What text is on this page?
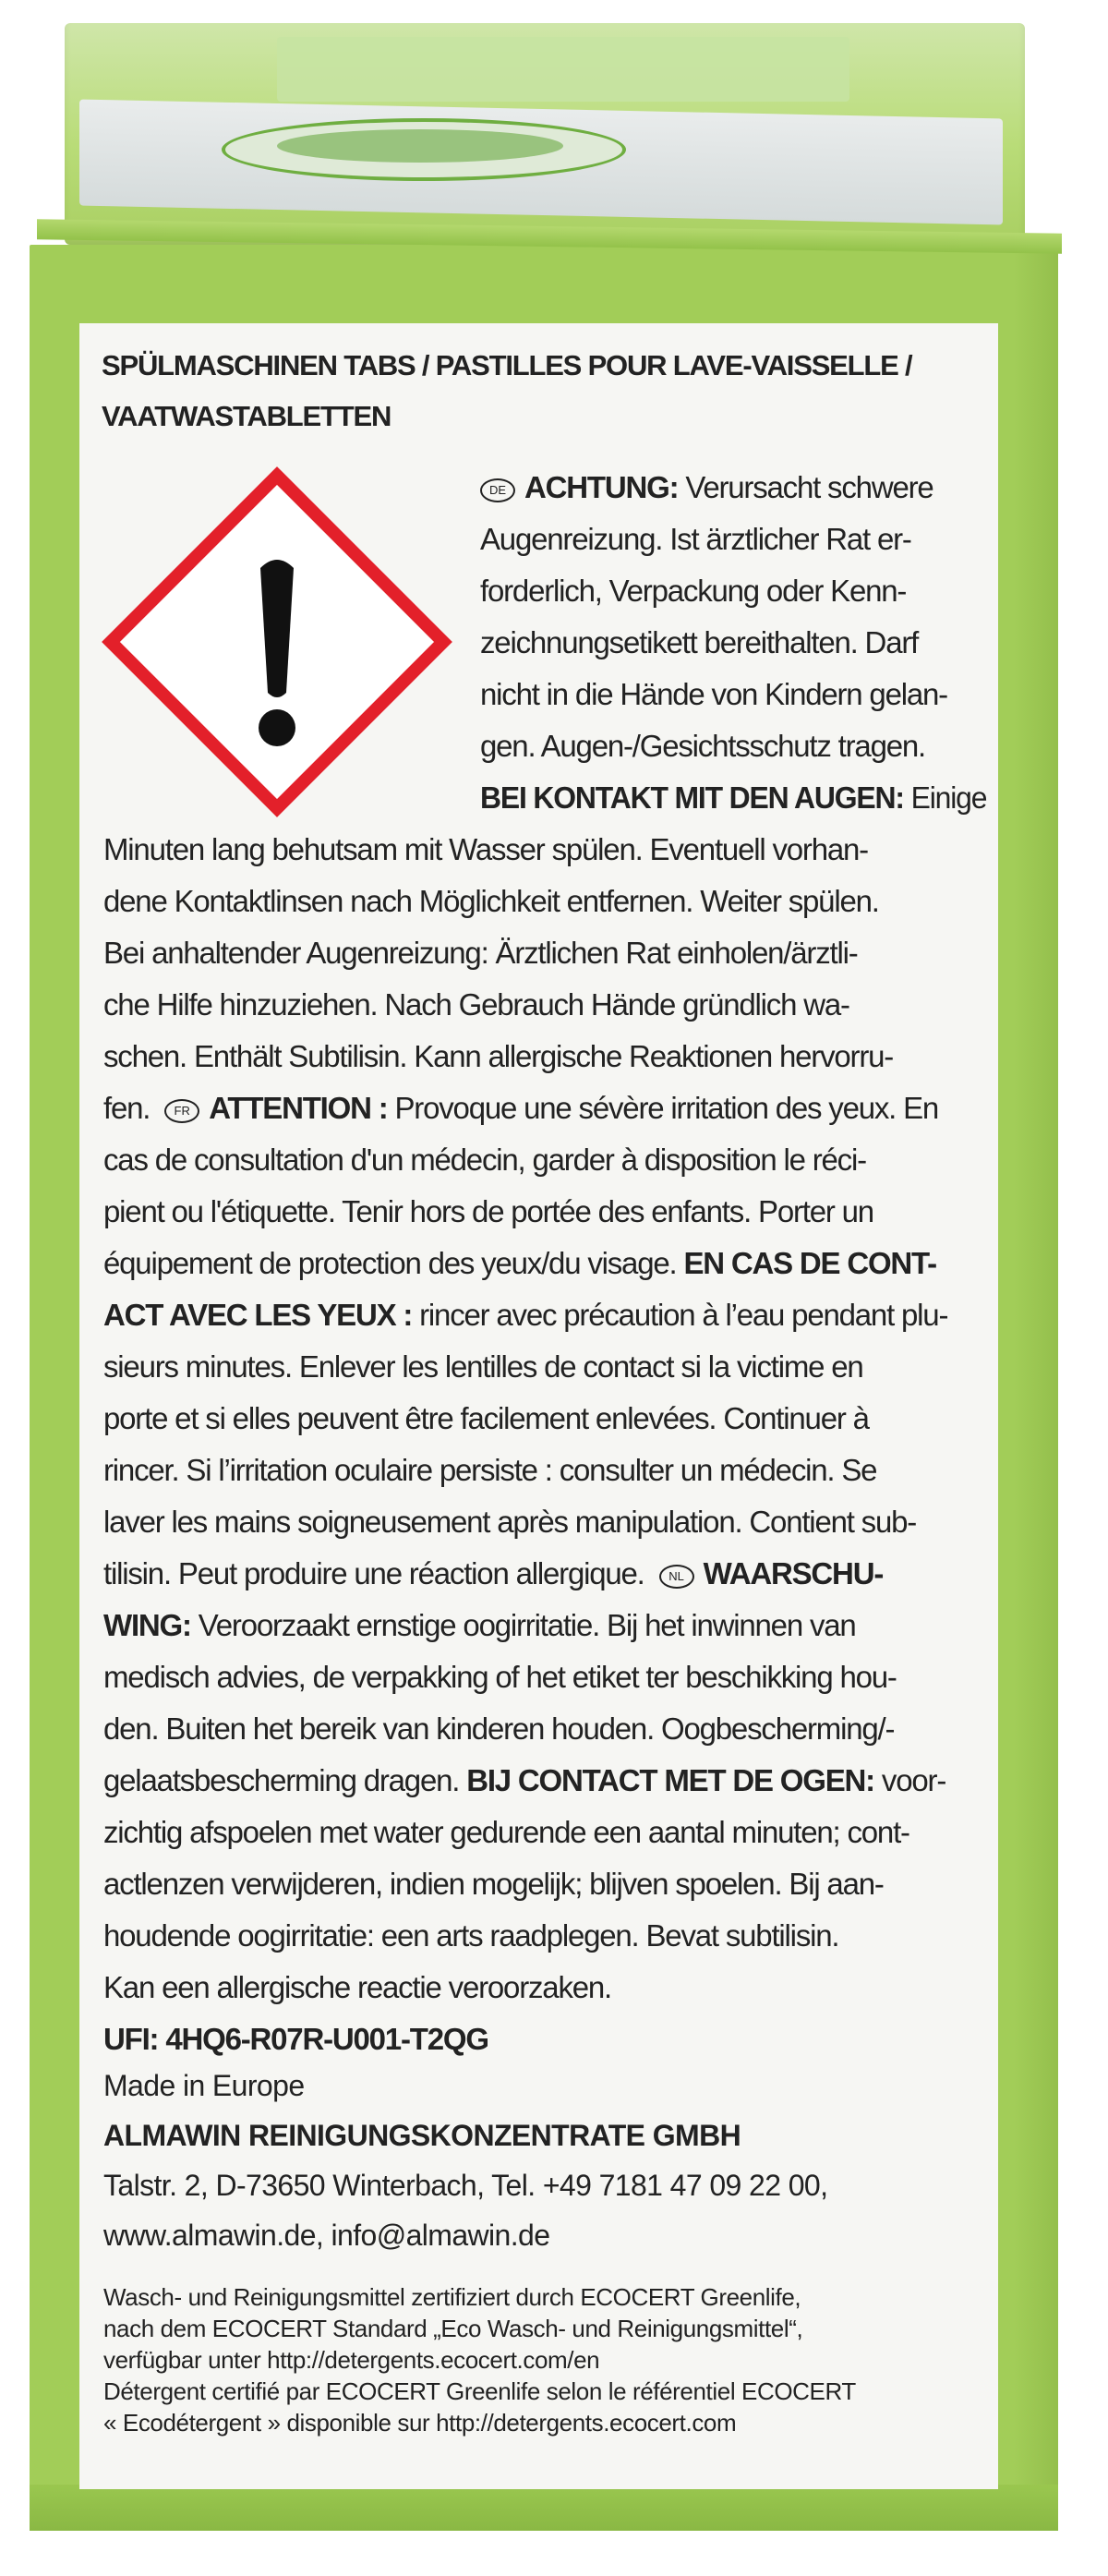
SPÜLMASCHINEN TABS / PASTILLES POUR LAVE-VAISSELLE /
VAATWASTABLETTEN
DE ACHTUNG: Verursacht schwere
Augenreizung. Ist ärztlicher Rat er-
forderlich, Verpackung oder Kenn-
zeichnungsetikett bereithalten. Darf
nicht in die Hände von Kindern gelan-
gen. Augen-/Gesichtsschutz tragen.
BEI KONTAKT MIT DEN AUGEN: Einige
Minuten lang behutsam mit Wasser spülen. Eventuell vorhan-
dene Kontaktlinsen nach Möglichkeit entfernen. Weiter spülen.
Bei anhaltender Augenreizung: Ärztlichen Rat einholen/ärztli-
che Hilfe hinzuziehen. Nach Gebrauch Hände gründlich wa-
schen. Enthält Subtilisin. Kann allergische Reaktionen hervorru-
fen. FR ATTENTION : Provoque une sévère irritation des yeux. En
cas de consultation d'un médecin, garder à disposition le réci-
pient ou l'étiquette. Tenir hors de portée des enfants. Porter un
équipement de protection des yeux/du visage. EN CAS DE CONT-
ACT AVEC LES YEUX : rincer avec précaution à l’eau pendant plu-
sieurs minutes. Enlever les lentilles de contact si la victime en
porte et si elles peuvent être facilement enlevées. Continuer à
rincer. Si l’irritation oculaire persiste : consulter un médecin. Se
laver les mains soigneusement après manipulation. Contient sub-
tilisin. Peut produire une réaction allergique. NL WAARSCHU-
WING: Veroorzaakt ernstige oogirritatie. Bij het inwinnen van
medisch advies, de verpakking of het etiket ter beschikking hou-
den. Buiten het bereik van kinderen houden. Oogbescherming/-
gelaatsbescherming dragen. BIJ CONTACT MET DE OGEN: voor-
zichtig afspoelen met water gedurende een aantal minuten; cont-
actlenzen verwijderen, indien mogelijk; blijven spoelen. Bij aan-
houdende oogirritatie: een arts raadplegen. Bevat subtilisin.
Kan een allergische reactie veroorzaken.
UFI: 4HQ6-R07R-U001-T2QG
Made in Europe
ALMAWIN REINIGUNGSKONZENTRATE GMBH
Talstr. 2, D-73650 Winterbach, Tel. +49 7181 47 09 22 00,
www.almawin.de, info@almawin.de
Wasch- und Reinigungsmittel zertifiziert durch ECOCERT Greenlife,
nach dem ECOCERT Standard „Eco Wasch- und Reinigungsmittel“,
verfügbar unter http://detergents.ecocert.com/en
Détergent certifié par ECOCERT Greenlife selon le référentiel ECOCERT
« Ecodétergent » disponible sur http://detergents.ecocert.com
